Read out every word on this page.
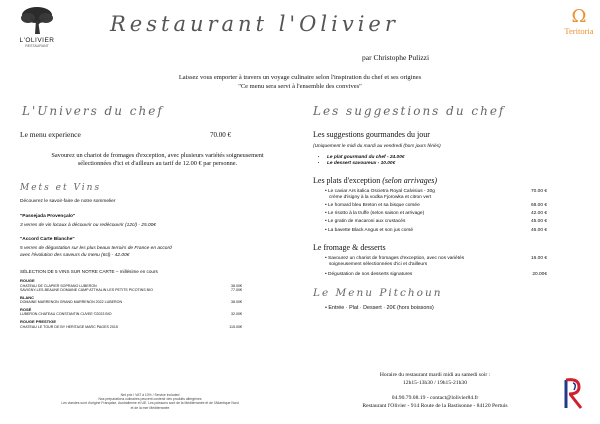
L'OLIVIER
RESTAURANT
Restaurant l'Olivier
par Christophe Pulizzi
Ω
Teritoria
Laissez vous emporter à travers un voyage culinaire selon l'inspiration du chef et ses origines
"Ce menu sera servi à l'ensemble des convives"
L'Univers du chef
Le menu experience	70.00 €
Savourez un chariot de fromages d'exception, avec plusieurs variétés soigneusement
sélectionnées d'ici et d'ailleurs au tarif de 12.00 € par personne.
Mets et Vins
Découvrez le savoir-faire de notre sommelier
"Passejada Provençalo"
3 verres de vin locaux à découvrir ou redécouvrir (12cl) - 25.00€
"Accord Carte Blanche"
5 verres de dégustation sur les plus beaux terroirs de France en accord
avec l'évolution des saveurs du menu (6cl) - 42.00€
SÉLECTION DE 5 VINS SUR NOTRE CARTE – millésime en cours
ROUGE
CHATEAU DE CLAPIER SOPRANO LUBERON	38.00€
SAVIGNY-LES-BEAUNE DOMAINE CAMP ATTHALIN LES PETITS PICOTINS BIO	77.00€
BLANC
DOMAINE MARRENON GRAND MARRENON 2022 LUBERON	38.00€
ROSÉ
LUBERON CHATEAU CONSTANTIN CUVEE ©2023 BIO	32.00€
ROUGE PRESTIGE
CHATEAU LE TOUR DE BY HERITAGE MARC PAGES 2015	115.00€
Net prix / VAT à 10% / Service included
Nos préparations culinaires peuvent contenir des produits allergènes
Les viandes sont d'origine Française, Australienne et UE. Les poissons sont de la Méditerranée et de l'Atlantique Nord
et de la mer Méditerranée
Les suggestions du chef
Les suggestions gourmandes du jour
(Uniquement le midi du mardi au vendredi (hors jours fériés)
• Le plat gourmand du chef - 24.00€
• Le dessert savoureux - 10.00€
Les plats d'exception (selon arrivages)
• Le caviar Ars italica Oscietra Royal Calvisius - 30g
crème d'isigny à la vodka Fjorowka et citron vert
70.00 €
• Le homard bleu Breton et sa bisque corsée	68.00 €
• Le risotto à la truffe (selon saison et arrivage)	42.00 €
• Le gratin de macaroni aux crustacés	45.00 €
• La bavette Black Angus et son jus corsé	46.00 €
Le fromage & desserts
• Savourez un chariot de fromages d'exception, avec nos variétés
soigneusement sélectionnées d'ici et d'ailleurs
16.00 €
• Dégustation de nos desserts signatures	20.00€
Le Menu Pitchoun
• Entrée · Plat · Dessert · 20€ (hors boissons)
Horaire du restaurant mardi midi au samedi soir :
12h15-13h30 / 19h15-21h30
04.90.79.08.19 - contact@lolivier84.fr
Restaurant l'Olivier - 914 Route de la Bastisonne - 84120 Pertuis
